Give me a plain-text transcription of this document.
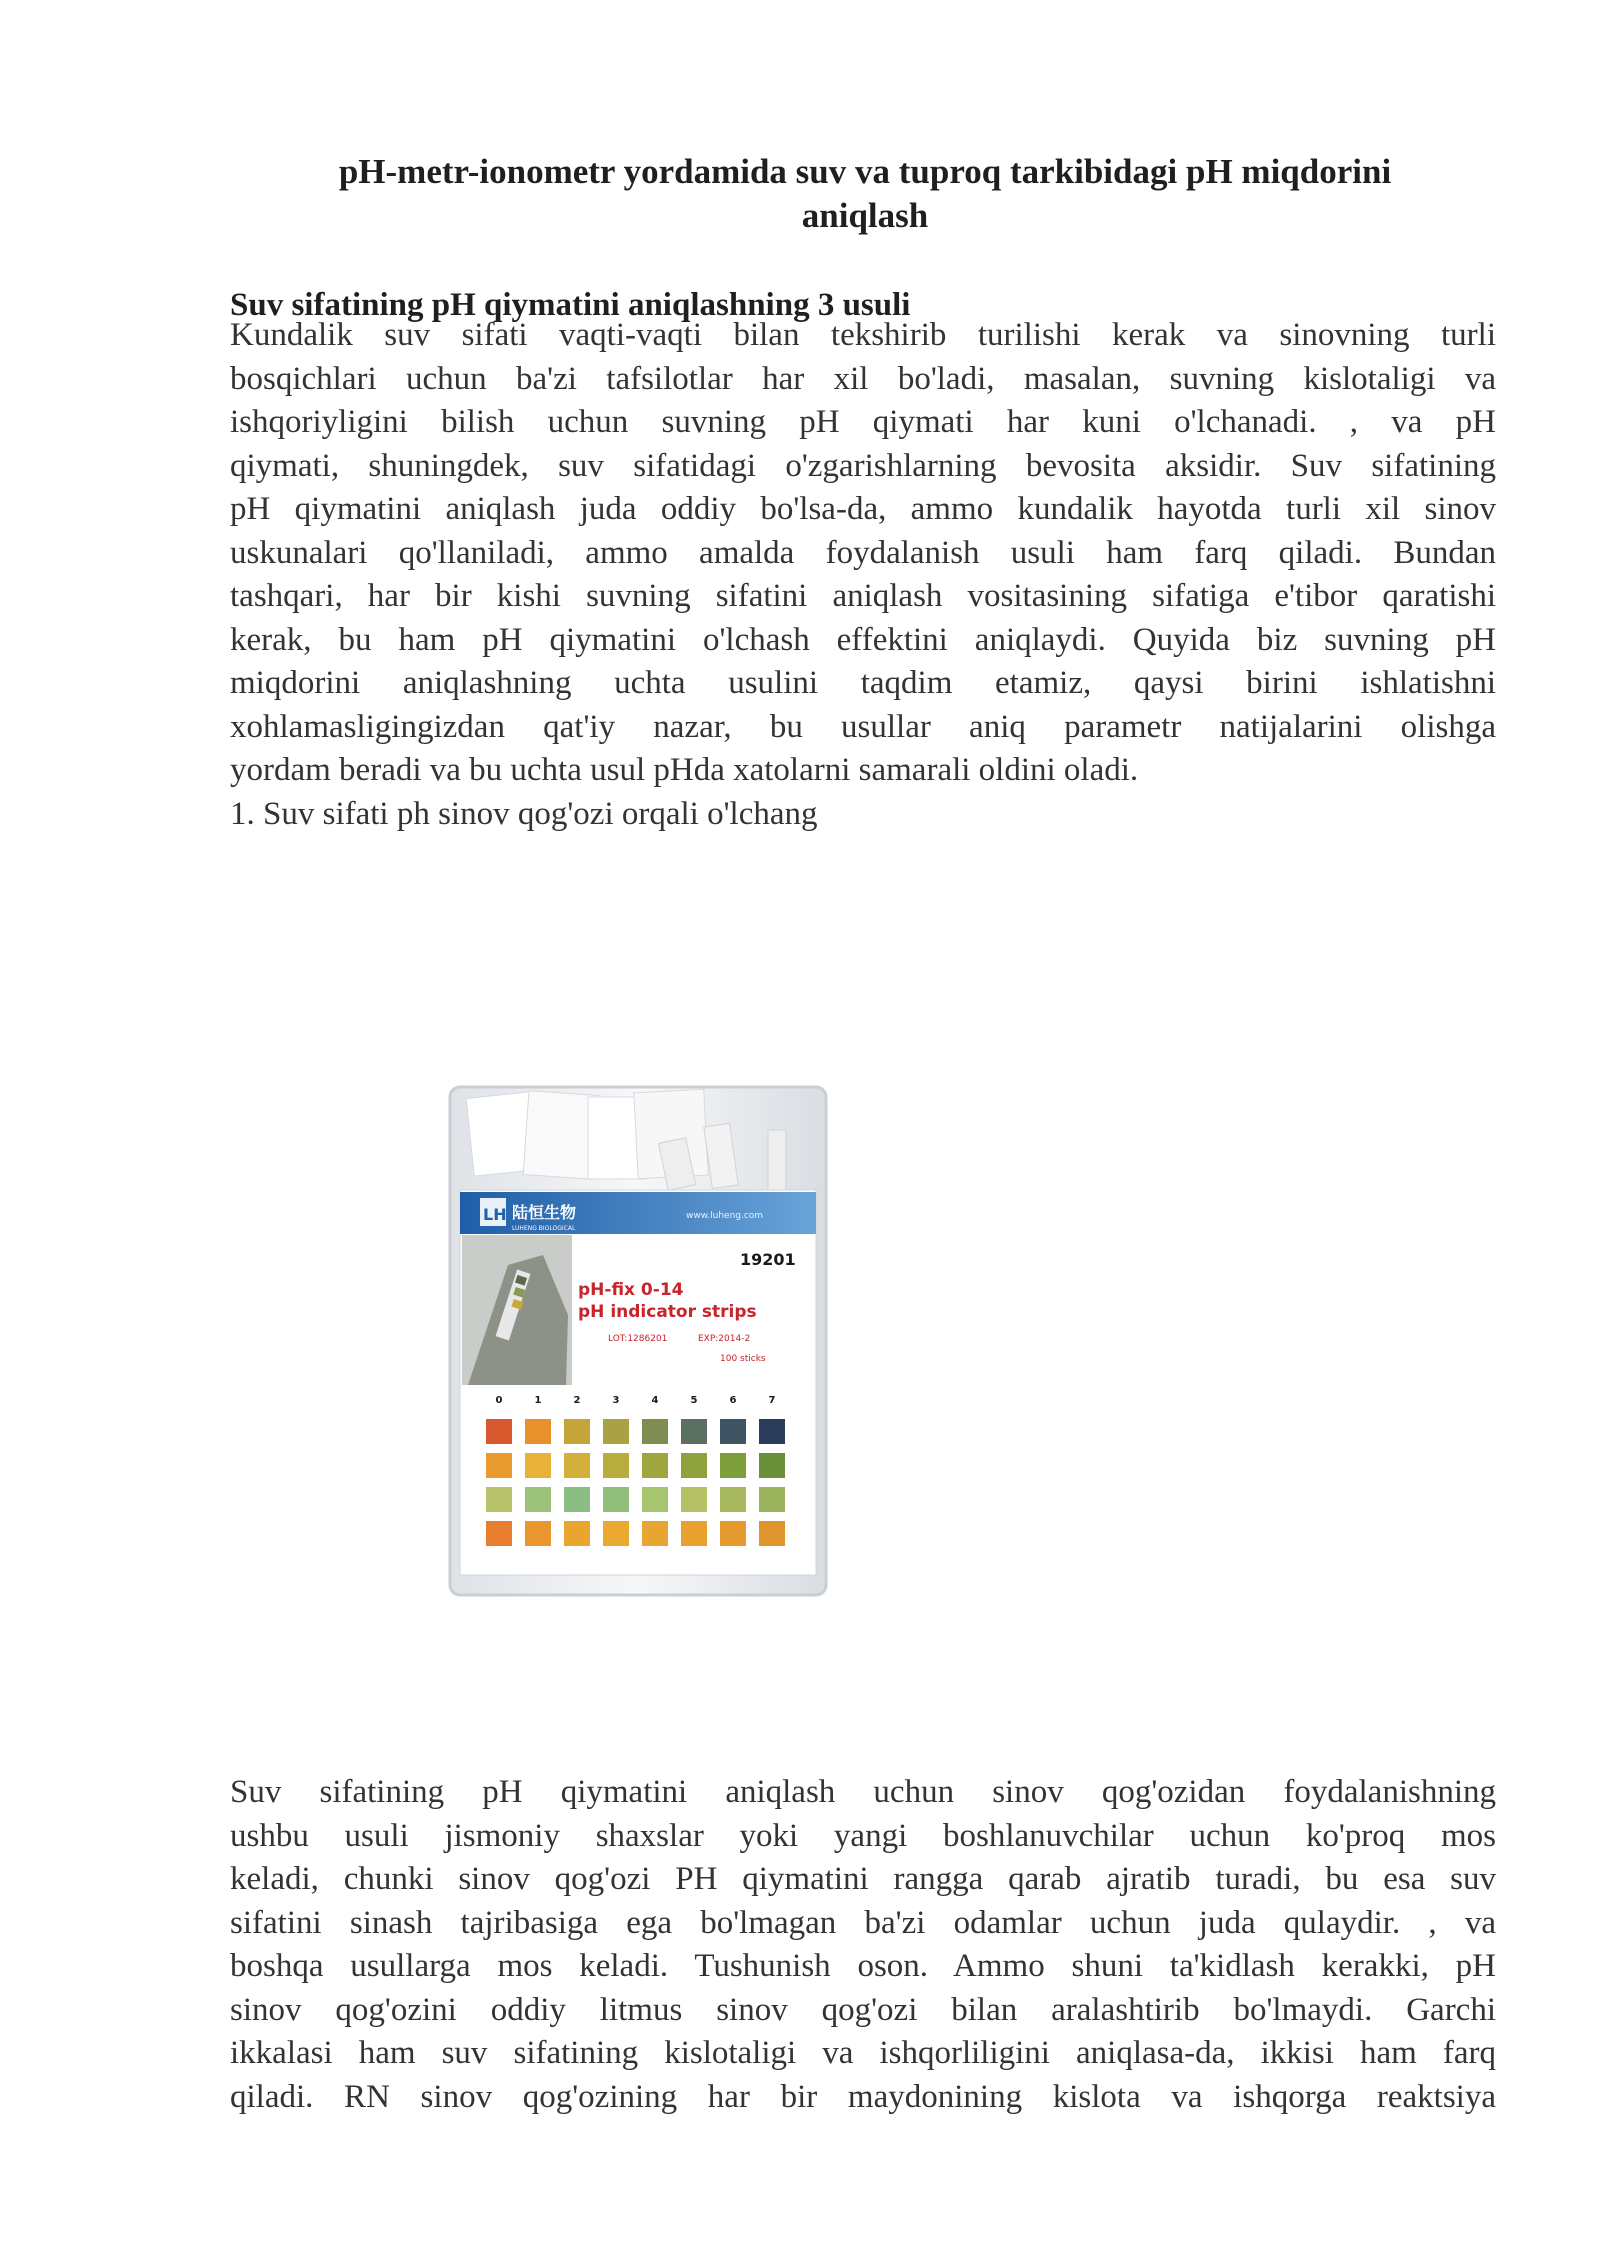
pH-metr-ionometr yordamida suv va tuproq tarkibidagi pH miqdorini
aniqlash
Suv sifatining pH qiymatini aniqlashning 3 usuli
Kundalik suv sifati vaqti-vaqti bilan tekshirib turilishi kerak va sinovning turli
bosqichlari uchun ba'zi tafsilotlar har xil bo'ladi, masalan, suvning kislotaligi va
ishqoriyligini bilish uchun suvning pH qiymati har kuni o'lchanadi. , va pH
qiymati, shuningdek, suv sifatidagi o'zgarishlarning bevosita aksidir. Suv sifatining
pH qiymatini aniqlash juda oddiy bo'lsa-da, ammo kundalik hayotda turli xil sinov
uskunalari qo'llaniladi, ammo amalda foydalanish usuli ham farq qiladi. Bundan
tashqari, har bir kishi suvning sifatini aniqlash vositasining sifatiga e'tibor qaratishi
kerak, bu ham pH qiymatini o'lchash effektini aniqlaydi. Quyida biz suvning pH
miqdorini aniqlashning uchta usulini taqdim etamiz, qaysi birini ishlatishni
xohlamasligingizdan qat'iy nazar, bu usullar aniq parametr natijalarini olishga
yordam beradi va bu uchta usul pHda xatolarni samarali oldini oladi.
1. Suv sifati ph sinov qog'ozi orqali o'lchang
LH 陆恒生物
LUHENG BIOLOGICAL
www.luheng.com
19201
pH-fix 0-14
pH indicator strips
LOT:1286201	EXP:2014-2
100 sticks
0	1	2	3	4	5	6	7
Suv sifatining pH qiymatini aniqlash uchun sinov qog'ozidan foydalanishning
ushbu usuli jismoniy shaxslar yoki yangi boshlanuvchilar uchun ko'proq mos
keladi, chunki sinov qog'ozi PH qiymatini rangga qarab ajratib turadi, bu esa suv
sifatini sinash tajribasiga ega bo'lmagan ba'zi odamlar uchun juda qulaydir. , va
boshqa usullarga mos keladi. Tushunish oson. Ammo shuni ta'kidlash kerakki, pH
sinov qog'ozini oddiy litmus sinov qog'ozi bilan aralashtirib bo'lmaydi. Garchi
ikkalasi ham suv sifatining kislotaligi va ishqorliligini aniqlasa-da, ikkisi ham farq
qiladi. RN sinov qog'ozining har bir maydonining kislota va ishqorga reaktsiya
